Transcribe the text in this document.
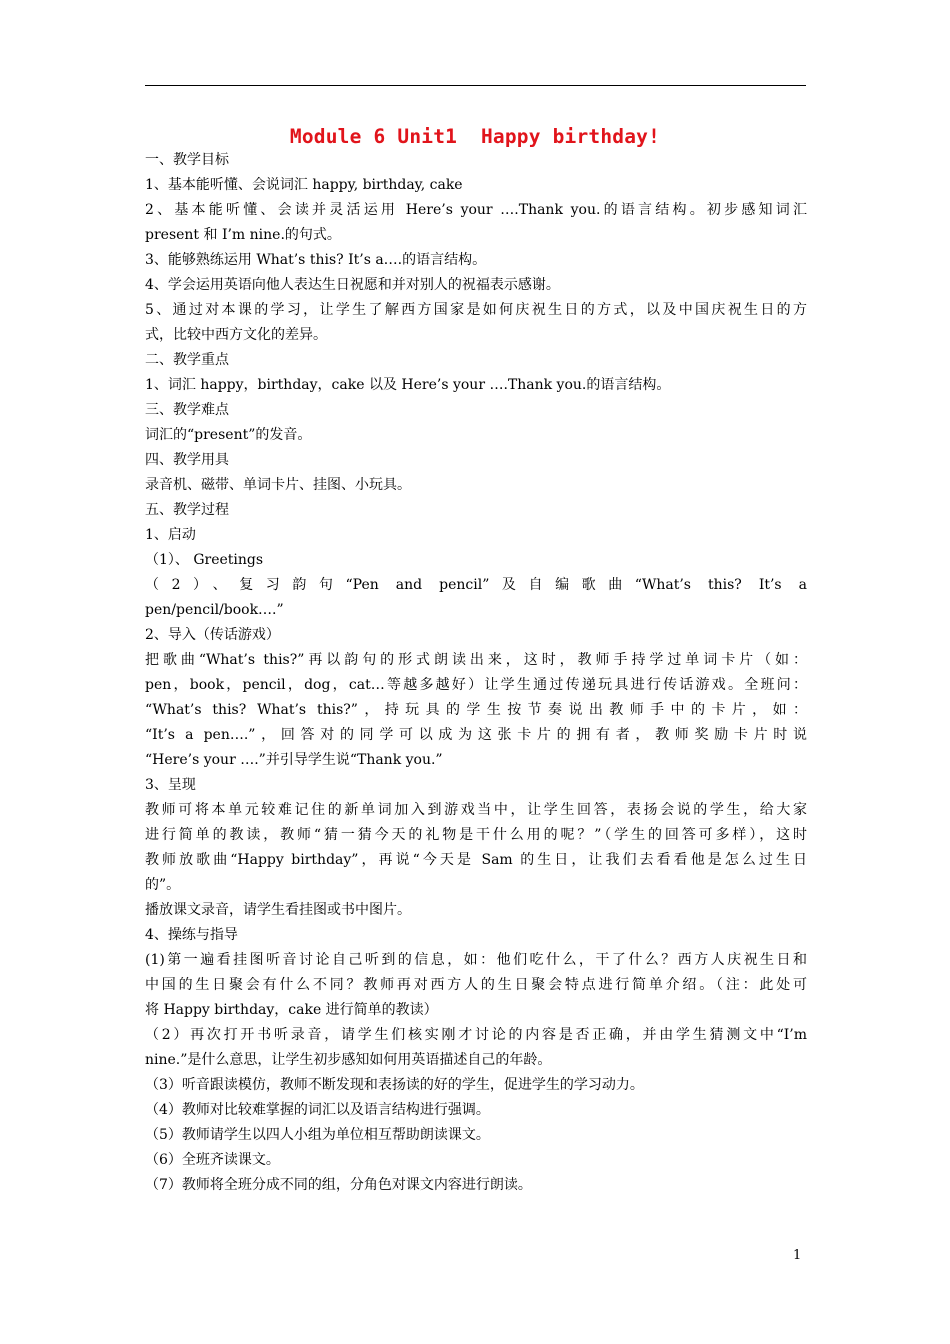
Module 6 Unit1  Happy birthday!
一、教学目标
1、基本能听懂、会说词汇 happy, birthday, cake
2、基本能听懂、会读并灵活运用 Here’s your ….Thank you.的语言结构。初步感知词汇
present 和 I’m nine.的句式。
3、能够熟练运用 What’s this? It’s a….的语言结构。
4、学会运用英语向他人表达生日祝愿和并对别人的祝福表示感谢。
5、通过对本课的学习，让学生了解西方国家是如何庆祝生日的方式，以及中国庆祝生日的方
式，比较中西方文化的差异。
二、教学重点
1、词汇 happy，birthday，cake 以及 Here’s your ….Thank you.的语言结构。
三、教学难点
词汇的“present”的发音。
四、教学用具
录音机、磁带、单词卡片、挂图、小玩具。
五、教学过程
1、启动
（1）、 Greetings
（2）、复习韵句“Pen and pencil”及自编歌曲“What’s this? It’s a
pen/pencil/book….”
2、导入（传话游戏）
把歌曲“What’s this?”再以韵句的形式朗读出来，这时，教师手持学过单词卡片（如：
pen，book，pencil，dog，cat…等越多越好）让学生通过传递玩具进行传话游戏。全班问：
“What’s this? What’s this?”，持玩具的学生按节奏说出教师手中的卡片，如：
“It’s a pen….”，回答对的同学可以成为这张卡片的拥有者，教师奖励卡片时说
“Here’s your ….”并引导学生说“Thank you.”
3、呈现
教师可将本单元较难记住的新单词加入到游戏当中，让学生回答，表扬会说的学生，给大家
进行简单的教读，教师“猜一猜今天的礼物是干什么用的呢？”（学生的回答可多样），这时
教师放歌曲“Happy birthday”，再说“今天是 Sam 的生日，让我们去看看他是怎么过生日
的”。
播放课文录音，请学生看挂图或书中图片。
4、操练与指导
(1)第一遍看挂图听音讨论自己听到的信息，如：他们吃什么，干了什么？西方人庆祝生日和
中国的生日聚会有什么不同？教师再对西方人的生日聚会特点进行简单介绍。（注：此处可
将 Happy birthday，cake 进行简单的教读）
（2）再次打开书听录音，请学生们核实刚才讨论的内容是否正确，并由学生猜测文中“I’m
nine.”是什么意思，让学生初步感知如何用英语描述自己的年龄。
（3）听音跟读模仿，教师不断发现和表扬读的好的学生，促进学生的学习动力。
（4）教师对比较难掌握的词汇以及语言结构进行强调。
（5）教师请学生以四人小组为单位相互帮助朗读课文。
（6）全班齐读课文。
（7）教师将全班分成不同的组，分角色对课文内容进行朗读。
1
